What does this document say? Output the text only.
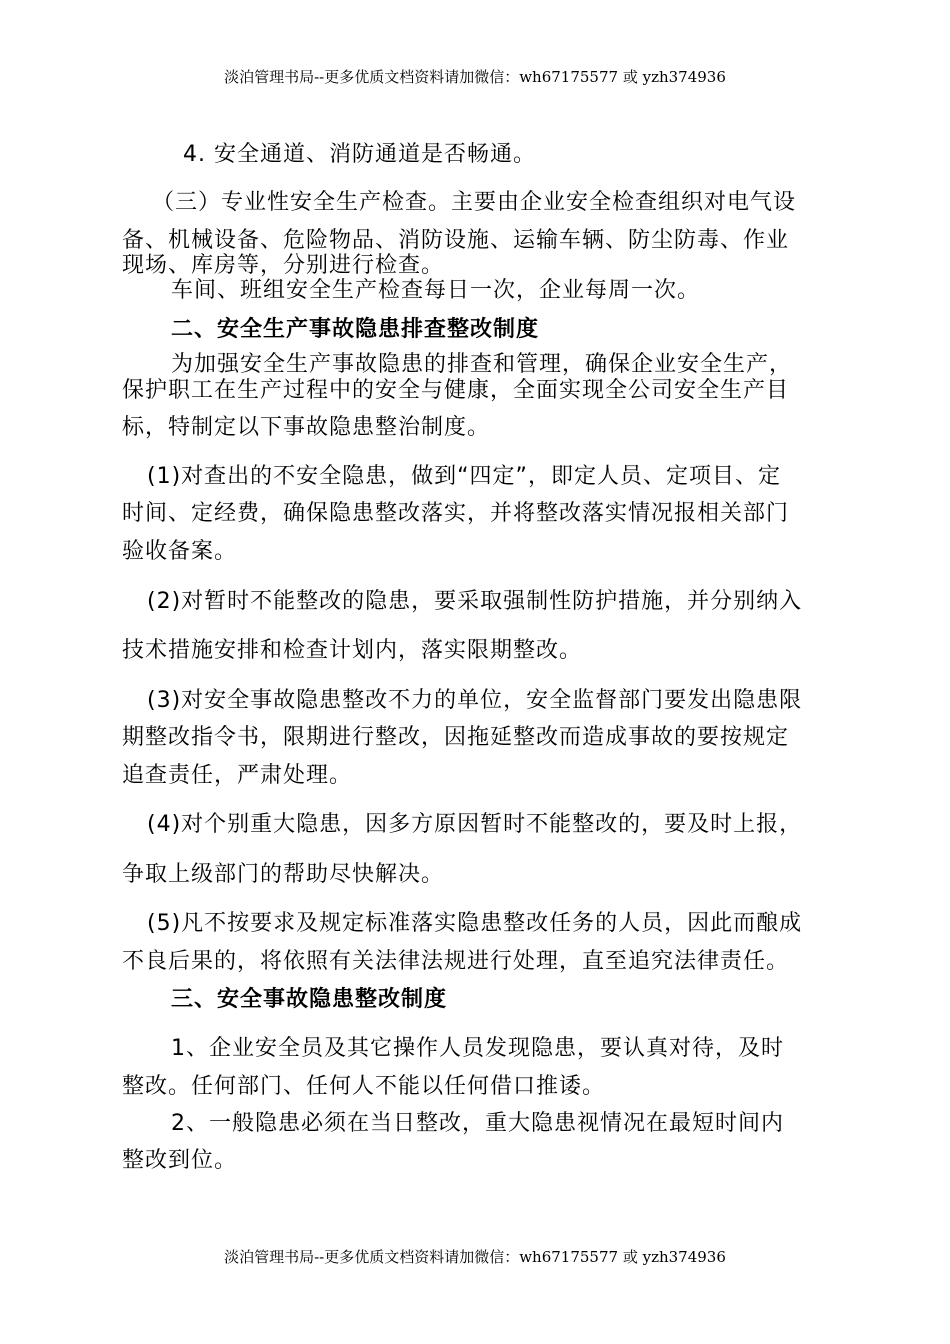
淡泊管理书局--更多优质文档资料请加微信：wh67175577 或 yzh374936
4. 安全通道、消防通道是否畅通。
（三）专业性安全生产检查。主要由企业安全检查组织对电气设
备、机械设备、危险物品、消防设施、运输车辆、防尘防毒、作业
现场、库房等，分别进行检查。
车间、班组安全生产检查每日一次，企业每周一次。
二、安全生产事故隐患排查整改制度
为加强安全生产事故隐患的排查和管理，确保企业安全生产，
保护职工在生产过程中的安全与健康，全面实现全公司安全生产目
标，特制定以下事故隐患整治制度。
(1)对查出的不安全隐患，做到“四定”，即定人员、定项目、定
时间、定经费，确保隐患整改落实，并将整改落实情况报相关部门
验收备案。
(2)对暂时不能整改的隐患，要采取强制性防护措施，并分别纳入
技术措施安排和检查计划内，落实限期整改。
(3)对安全事故隐患整改不力的单位，安全监督部门要发出隐患限
期整改指令书，限期进行整改，因拖延整改而造成事故的要按规定
追查责任，严肃处理。
(4)对个别重大隐患，因多方原因暂时不能整改的，要及时上报，
争取上级部门的帮助尽快解决。
(5)凡不按要求及规定标准落实隐患整改任务的人员，因此而酿成
不良后果的，将依照有关法律法规进行处理，直至追究法律责任。
三、安全事故隐患整改制度
1、企业安全员及其它操作人员发现隐患，要认真对待，及时
整改。任何部门、任何人不能以任何借口推诿。
2、一般隐患必须在当日整改，重大隐患视情况在最短时间内
整改到位。
淡泊管理书局--更多优质文档资料请加微信：wh67175577 或 yzh374936
